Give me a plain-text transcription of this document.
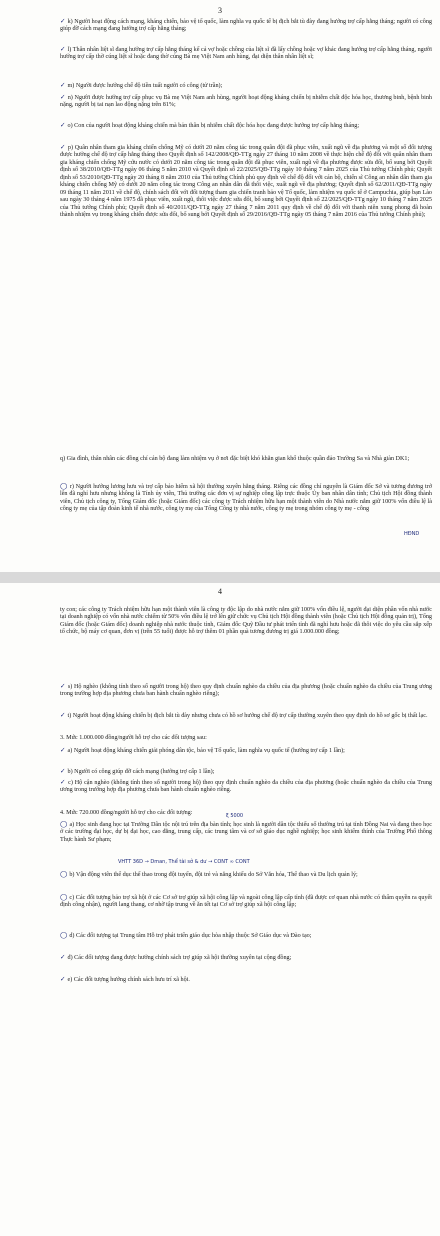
3
✓ k) Người hoạt động cách mạng, kháng chiến, bảo vệ tổ quốc, làm nghĩa vụ quốc tế bị địch bắt tù đày đang hưởng trợ cấp hằng tháng; người có công giúp đỡ cách mạng đang hưởng trợ cấp hằng tháng;
✓ l) Thân nhân liệt sĩ đang hưởng trợ cấp hằng tháng kể cả vợ hoặc chồng của liệt sĩ đã lấy chồng hoặc vợ khác đang hưởng trợ cấp hằng tháng, người hưởng trợ cấp thờ cúng liệt sĩ hoặc đang thờ cúng Bà mẹ Việt Nam anh hùng, đại diện thân nhân liệt sĩ;
✓ m) Người được hưởng chế độ tiền tuất người có công (tử trần);
✓ n) Người được hưởng trợ cấp phục vụ Bà mẹ Việt Nam anh hùng, người hoạt động kháng chiến bị nhiễm chất độc hóa học, thương binh, bệnh binh nặng, người bị tai nạn lao động nặng trên 81%;
✓ o) Con của người hoạt động kháng chiến mà bản thân bị nhiễm chất độc hóa học đang được hưởng trợ cấp hằng tháng;
✓ p) Quân nhân tham gia kháng chiến chống Mỹ có dưới 20 năm công tác trong quân đội đã phục viên, xuất ngũ về địa phương và một số đối tượng được hưởng chế độ trợ cấp hằng tháng theo Quyết định số 142/2008/QĐ-TTg ngày 27 tháng 10 năm 2008 về thực hiện chế độ đối với quân nhân tham gia kháng chiến chống Mỹ cứu nước có dưới 20 năm công tác trong quân đội đã phục viên, xuất ngũ về địa phương được sửa đổi, bổ sung bởi Quyết định số 38/2010/QĐ-TTg ngày 06 tháng 5 năm 2010 và Quyết định số 22/2025/QĐ-TTg ngày 10 tháng 7 năm 2025 của Thủ tướng Chính phủ; Quyết định số 53/2010/QĐ-TTg ngày 20 tháng 8 năm 2010 của Thủ tướng Chính phủ quy định về chế độ đối với cán bộ, chiến sĩ Công an nhân dân tham gia kháng chiến chống Mỹ có dưới 20 năm công tác trong Công an nhân dân đã thôi việc, xuất ngũ về địa phương; Quyết định số 62/2011/QĐ-TTg ngày 09 tháng 11 năm 2011 về chế độ, chính sách đối với đối tượng tham gia chiến tranh bảo vệ Tổ quốc, làm nhiệm vụ quốc tế ở Campuchia, giúp bạn Lào sau ngày 30 tháng 4 năm 1975 đã phục viên, xuất ngũ, thôi việc được sửa đổi, bổ sung bởi Quyết định số 22/2025/QĐ-TTg ngày 10 tháng 7 năm 2025 của Thủ tướng Chính phủ; Quyết định số 40/2011/QĐ-TTg ngày 27 tháng 7 năm 2011 quy định về chế độ đối với thanh niên xung phong đã hoàn thành nhiệm vụ trong kháng chiến được sửa đổi, bổ sung bởi Quyết định số 29/2016/QĐ-TTg ngày 05 tháng 7 năm 2016 của Thủ tướng Chính phủ);
q) Gia đình, thân nhân các đồng chí cán bộ đang làm nhiệm vụ ở nơi đặc biệt khó khăn gian khổ thuộc quần đảo Trường Sa và Nhà giàn DK1;
◯ r) Người hưởng lương hưu và trợ cấp bảo hiểm xã hội thường xuyên hằng tháng. Riêng các đồng chí nguyên là Giám đốc Sở và tương đương trở lên đã nghỉ hưu nhưng không là Tỉnh ủy viên, Thủ trưởng các đơn vị sự nghiệp công lập trực thuộc Ủy ban nhân dân tỉnh; Chủ tịch Hội đồng thành viên, Chủ tịch công ty, Tổng Giám đốc (hoặc Giám đốc) các công ty Trách nhiệm hữu hạn một thành viên do Nhà nước nắm giữ 100% vốn điều lệ là công ty mẹ của tập đoàn kinh tế nhà nước, công ty mẹ của Tổng Công ty nhà nước, công ty mẹ trong nhóm công ty mẹ - công
HĐND
4
ty con; các công ty Trách nhiệm hữu hạn một thành viên là công ty độc lập do nhà nước nắm giữ 100% vốn điều lệ, người đại diện phần vốn nhà nước tại doanh nghiệp có vốn nhà nước chiếm từ 50% vốn điều lệ trở lên giữ chức vụ Chủ tịch Hội đồng thành viên (hoặc Chủ tịch Hội đồng quản trị), Tổng Giám đốc (hoặc Giám đốc) doanh nghiệp nhà nước thuộc tỉnh, Giám đốc Quỹ Đầu tư phát triển tỉnh đã nghỉ hưu hoặc đã thôi việc do yêu cầu sắp xếp tổ chức, bộ máy cơ quan, đơn vị (trên 55 tuổi) được hỗ trợ thêm 01 phần quà tương đương trị giá 1.000.000 đồng;
✓ s) Hộ nghèo (không tính theo số người trong hộ) theo quy định chuẩn nghèo đa chiều của địa phương (hoặc chuẩn nghèo đa chiều của Trung ương trong trường hợp địa phương chưa ban hành chuẩn nghèo riêng);
✓ t) Người hoạt động kháng chiến bị địch bắt tù đày nhưng chưa có hồ sơ hưởng chế độ trợ cấp thường xuyên theo quy định do hồ sơ gốc bị thất lạc.
3. Mức 1.000.000 đồng/người hỗ trợ cho các đối tượng sau:
✓ a) Người hoạt động kháng chiến giải phóng dân tộc, bảo vệ Tổ quốc, làm nghĩa vụ quốc tế (hưởng trợ cấp 1 lần);
✓ b) Người có công giúp đỡ cách mạng (hưởng trợ cấp 1 lần);
✓ c) Hộ cận nghèo (không tính theo số người trong hộ) theo quy định chuẩn nghèo đa chiều của địa phương (hoặc chuẩn nghèo đa chiều của Trung ương trong trường hợp địa phương chưa ban hành chuẩn nghèo riêng.
4. Mức 720.000 đồng/người hỗ trợ cho các đối tượng:	ξ 5000
◯ a) Học sinh đang học tại Trường Dân tộc nội trú trên địa bàn tỉnh; học sinh là người dân tộc thiểu số thường trú tại tỉnh Đồng Nai và đang theo học ở các trường đại học, dự bị đại học, cao đẳng, trung cấp, các trung tâm và cơ sở giáo dục nghề nghiệp; học sinh khiếm thính của Trường Phổ thông Thực hành Sư phạm;
VHTT 36D → Dman, Thể tài sở & dư → CONT ∞ CONT
◯ b) Vận động viên thể dục thể thao trong đội tuyển, đội trẻ và năng khiếu do Sở Văn hóa, Thể thao và Du lịch quản lý;
◯ c) Các đối tượng bảo trợ xã hội ở các Cơ sở trợ giúp xã hội công lập và ngoài công lập cấp tỉnh (đã được cơ quan nhà nước có thẩm quyền ra quyết định công nhận), người lang thang, cơ nhỡ tập trung về ăn tết tại Cơ sở trợ giúp xã hội công lập;
◯ d) Các đối tượng tại Trung tâm Hỗ trợ phát triển giáo dục hòa nhập thuộc Sở Giáo dục và Đào tạo;
✓ đ) Các đối tượng đang được hưởng chính sách trợ giúp xã hội thường xuyên tại cộng đồng;
✓ e) Các đối tượng hưởng chính sách hưu trí xã hội.
